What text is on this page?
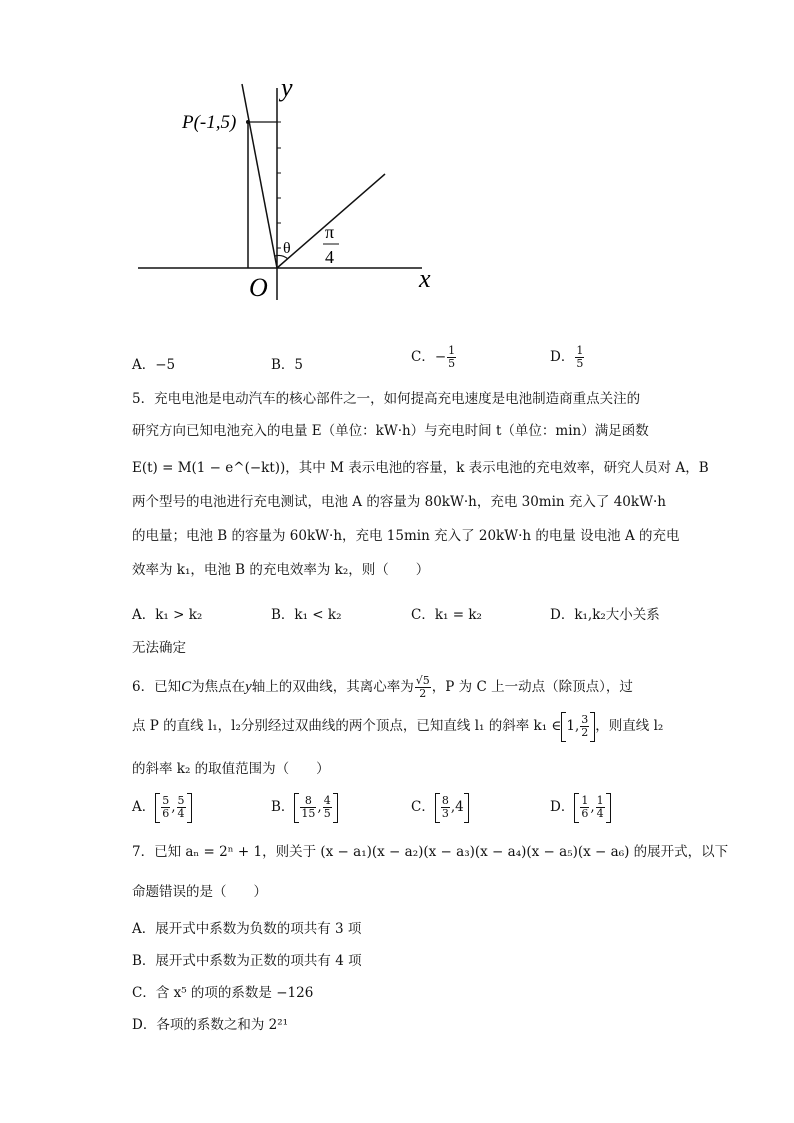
y
x
O
P(-1,5)
θ
π
4
A．−5	B．5	C．− $\frac{1}{5}$	D． $\frac{1}{5}$
5．充电电池是电动汽车的核心部件之一，如何提高充电速度是电池制造商重点关注的
研究方向已知电池充入的电量 E（单位：kW·h）与充电时间 t（单位：min）满足函数
E(t) = M(1 − e^(−kt))，其中 M 表示电池的容量，k 表示电池的充电效率，研究人员对 A，B
两个型号的电池进行充电测试，电池 A 的容量为 80kW·h，充电 30min 充入了 40kW·h
的电量；电池 B 的容量为 60kW·h，充电 15min 充入了 20kW·h 的电量 设电池 A 的充电
效率为 k₁，电池 B 的充电效率为 k₂，则（　　）
A．k₁ > k₂	B．k₁ < k₂	C．k₁ = k₂	D．k₁,k₂大小关系
无法确定
6．已知C为焦点在y轴上的双曲线，其离心率为 $\frac{√5}{2}$ ，P 为 C 上一动点（除顶点），过
点 P 的直线 l₁，l₂分别经过双曲线的两个顶点，已知直线 l₁ 的斜率 k₁ ∈ 1, $\frac{3}{2}$ ，则直线 l₂
的斜率 k₂ 的取值范围为（　　）
A． $\frac{5}{6}$ , $\frac{5}{4}$	B． $\frac{8}{15}$ , $\frac{4}{5}$	C． $\frac{8}{3} ,4$	D． $\frac{1}{6}$ , $\frac{1}{4}$
7．已知 aₙ = 2ⁿ + 1，则关于 (x − a₁)(x − a₂)(x − a₃)(x − a₄)(x − a₅)(x − a₆) 的展开式，以下
命题错误的是（　　）
A．展开式中系数为负数的项共有 3 项
B．展开式中系数为正数的项共有 4 项
C．含 x⁵ 的项的系数是 −126
D．各项的系数之和为 2²¹
